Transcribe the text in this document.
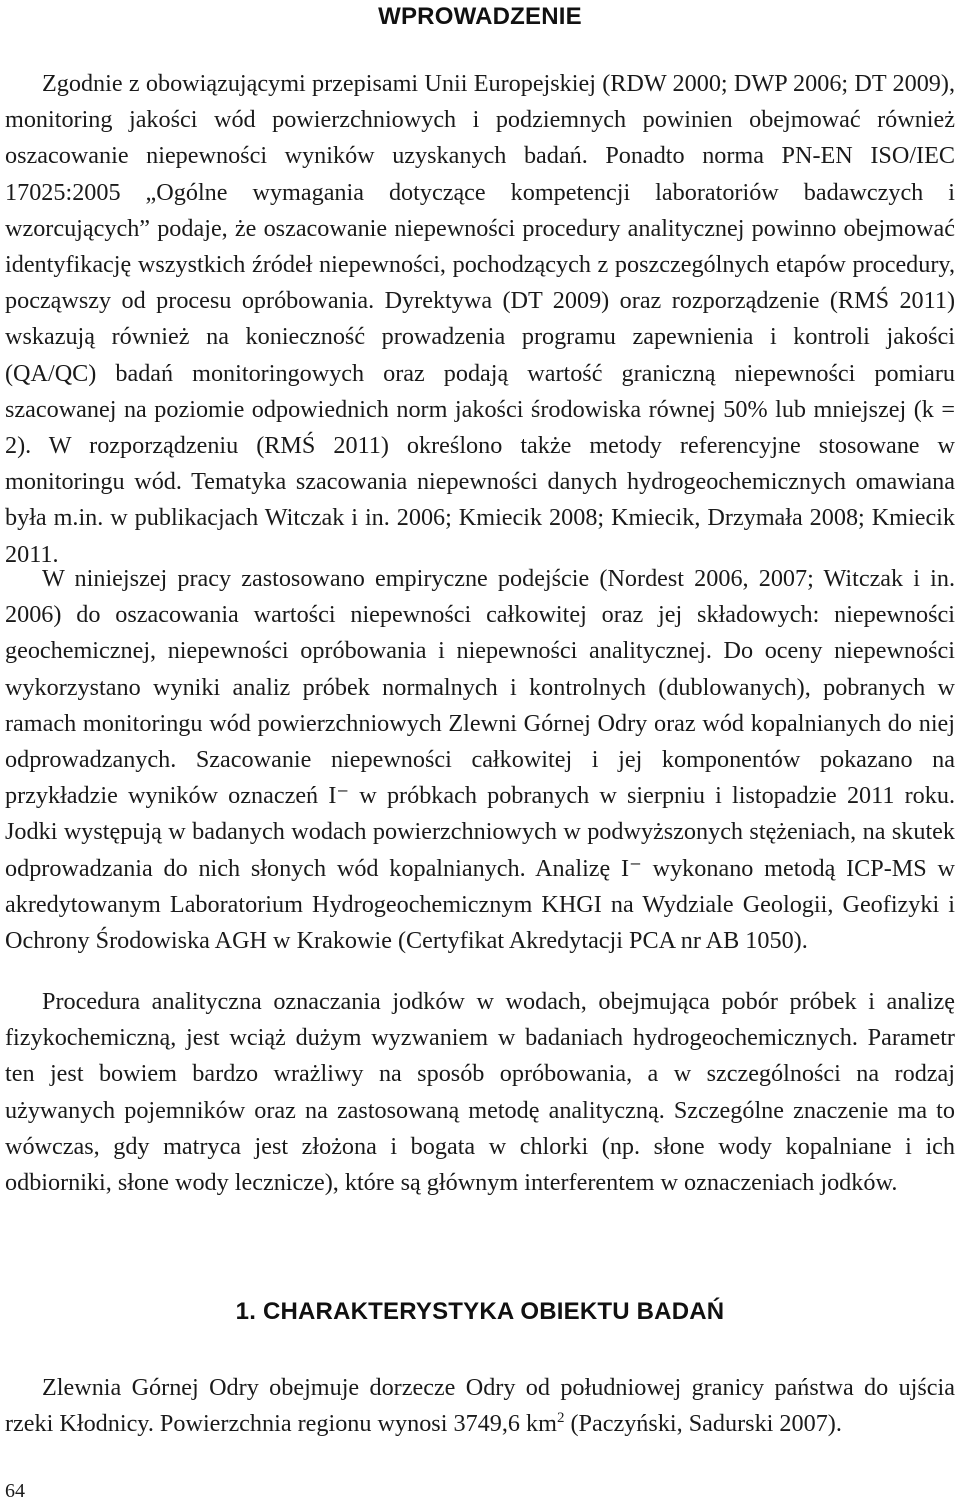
WPROWADZENIE

Zgodnie z obowiązującymi przepisami Unii Europejskiej (RDW 2000; DWP 2006; DT 2009), monitoring jakości wód powierzchniowych i podziemnych powinien obejmować również oszacowanie niepewności wyników uzyskanych badań. Ponadto norma PN-EN ISO/IEC 17025:2005 „Ogólne wymagania dotyczące kompetencji laboratoriów badawczych i wzorcujących” podaje, że oszacowanie niepewności procedury analitycznej powinno obejmować identyfikację wszystkich źródeł niepewności, pochodzących z poszczególnych etapów procedury, począwszy od procesu opróbowania. Dyrektywa (DT 2009) oraz rozporządzenie (RMŚ 2011) wskazują również na konieczność prowadzenia programu zapewnienia i kontroli jakości (QA/QC) badań monitoringowych oraz podają wartość graniczną niepewności pomiaru szacowanej na poziomie odpowiednich norm jakości środowiska równej 50% lub mniejszej (k = 2). W rozporządzeniu (RMŚ 2011) określono także metody referencyjne stosowane w monitoringu wód. Tematyka szacowania niepewności danych hydrogeochemicznych omawiana była m.in. w publikacjach Witczak i in. 2006; Kmiecik 2008; Kmiecik, Drzymała 2008; Kmiecik 2011.

W niniejszej pracy zastosowano empiryczne podejście (Nordest 2006, 2007; Witczak i in. 2006) do oszacowania wartości niepewności całkowitej oraz jej składowych: niepewności geochemicznej, niepewności opróbowania i niepewności analitycznej. Do oceny niepewności wykorzystano wyniki analiz próbek normalnych i kontrolnych (dublowanych), pobranych w ramach monitoringu wód powierzchniowych Zlewni Górnej Odry oraz wód kopalnianych do niej odprowadzanych. Szacowanie niepewności całkowitej i jej komponentów pokazano na przykładzie wyników oznaczeń I⁻ w próbkach pobranych w sierpniu i listopadzie 2011 roku. Jodki występują w badanych wodach powierzchniowych w podwyższonych stężeniach, na skutek odprowadzania do nich słonych wód kopalnianych. Analizę I⁻ wykonano metodą ICP-MS w akredytowanym Laboratorium Hydrogeochemicznym KHGI na Wydziale Geologii, Geofizyki i Ochrony Środowiska AGH w Krakowie (Certyfikat Akredytacji PCA nr AB 1050).

Procedura analityczna oznaczania jodków w wodach, obejmująca pobór próbek i analizę fizykochemiczną, jest wciąż dużym wyzwaniem w badaniach hydrogeochemicznych. Parametr ten jest bowiem bardzo wrażliwy na sposób opróbowania, a w szczególności na rodzaj używanych pojemników oraz na zastosowaną metodę analityczną. Szczególne znaczenie ma to wówczas, gdy matryca jest złożona i bogata w chlorki (np. słone wody kopalniane i ich odbiorniki, słone wody lecznicze), które są głównym interferentem w oznaczeniach jodków.

1. CHARAKTERYSTYKA OBIEKTU BADAŃ

Zlewnia Górnej Odry obejmuje dorzecze Odry od południowej granicy państwa do ujścia rzeki Kłodnicy. Powierzchnia regionu wynosi 3749,6 $km^2$ (Paczyński, Sadurski 2007).

64
